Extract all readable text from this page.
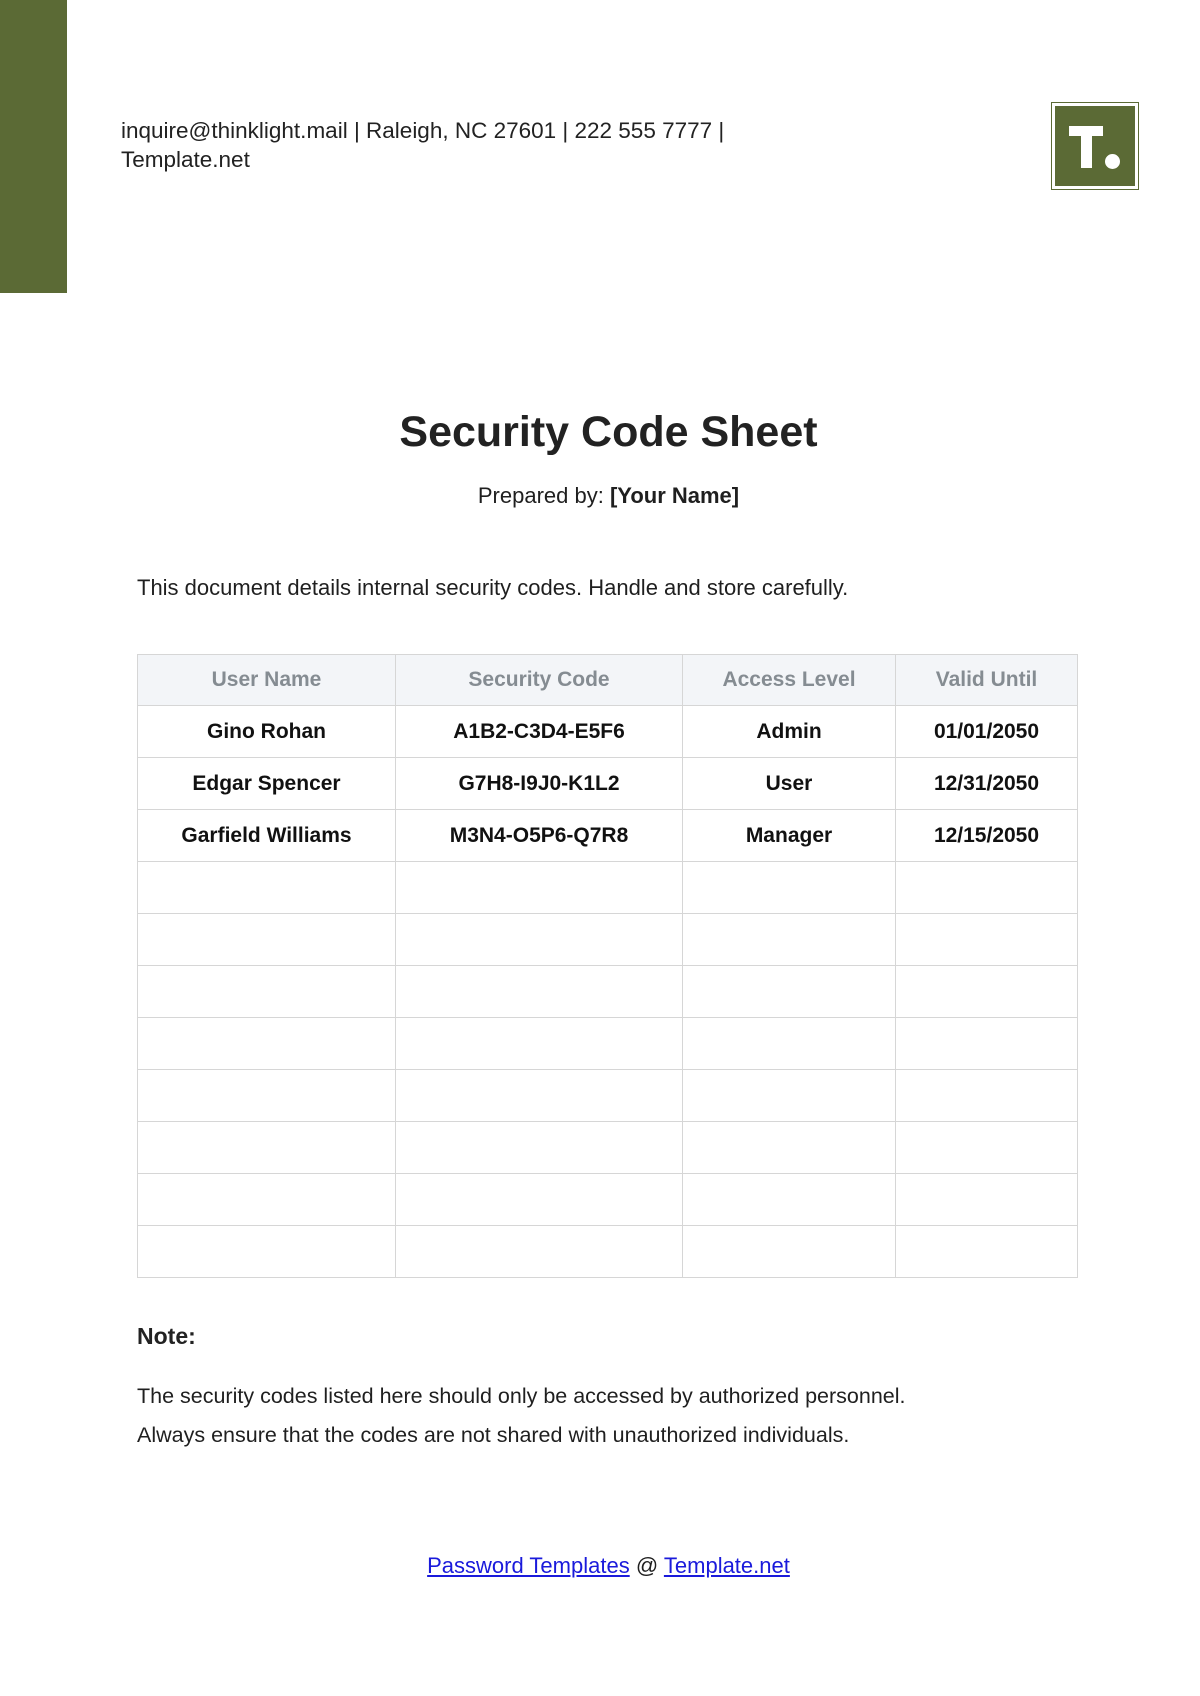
inquire@thinklight.mail | Raleigh, NC 27601 | 222 555 7777 |
Template.net
Security Code Sheet
Prepared by: [Your Name]
This document details internal security codes. Handle and store carefully.
User Name	Security Code	Access Level	Valid Until
Gino Rohan	A1B2-C3D4-E5F6	Admin	01/01/2050
Edgar Spencer	G7H8-I9J0-K1L2	User	12/31/2050
Garfield Williams	M3N4-O5P6-Q7R8	Manager	12/15/2050

Note:
The security codes listed here should only be accessed by authorized personnel.
Always ensure that the codes are not shared with unauthorized individuals.
Password Templates @ Template.net
